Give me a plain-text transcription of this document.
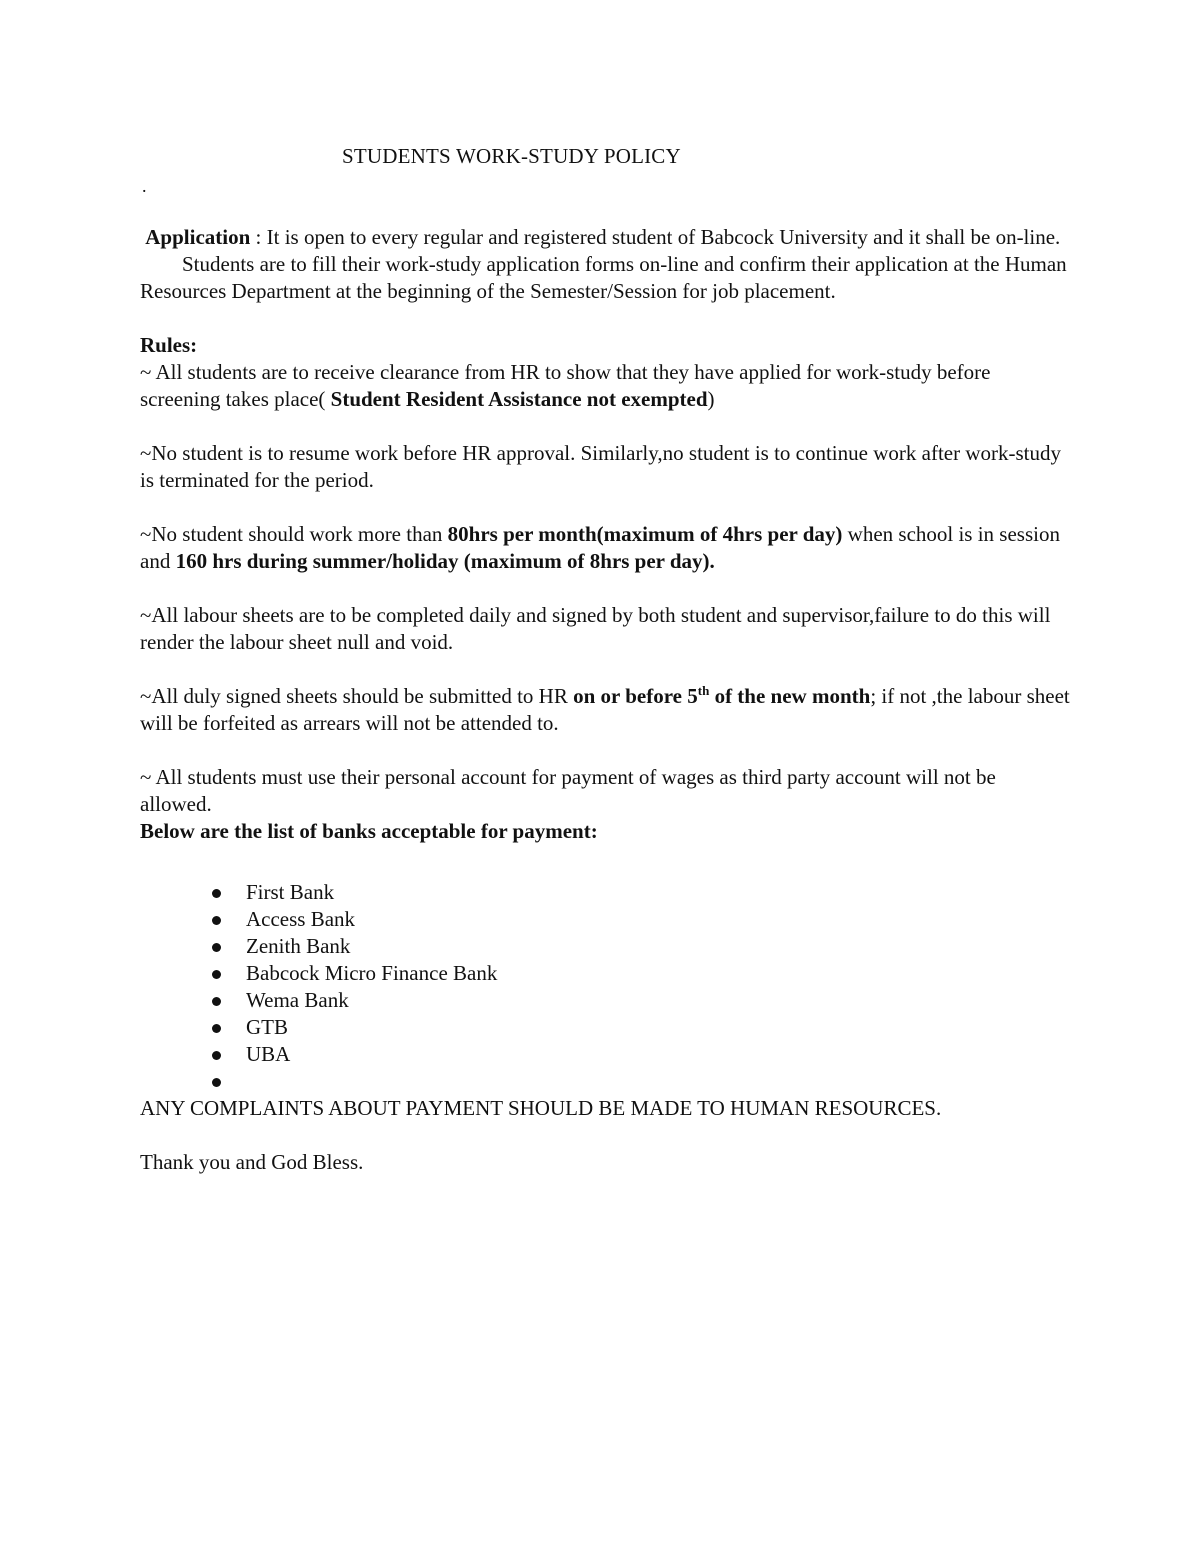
STUDENTS WORK-STUDY POLICY
.

Application : It is open to every regular and registered student of Babcock University and it shall be on-line.

Students are to fill their work-study application forms on-line and confirm their application at the Human Resources Department at the beginning of the Semester/Session for job placement.

Rules:

~ All students are to receive clearance from HR to show that they have applied for work-study before screening takes place( Student Resident Assistance not exempted)

~No student is to resume work before HR approval. Similarly,no student is to continue work after work-study is terminated for the period.

~No student should work more than 80hrs per month(maximum of 4hrs per day) when school is in session and 160 hrs during summer/holiday (maximum of 8hrs per day).

~All labour sheets are to be completed daily and signed by both student and supervisor,failure to do this will render the labour sheet null and void.

~All duly signed sheets should be submitted to HR on or before 5th of the new month; if not ,the labour sheet will be forfeited as arrears will not be attended to.

~ All students must use their personal account for payment of wages as third party account will not be allowed.

Below are the list of banks acceptable for payment:

First Bank
Access Bank
Zenith Bank
Babcock Micro Finance Bank
Wema Bank
GTB
UBA

ANY COMPLAINTS ABOUT PAYMENT SHOULD BE MADE TO HUMAN RESOURCES.

Thank you and God Bless.
